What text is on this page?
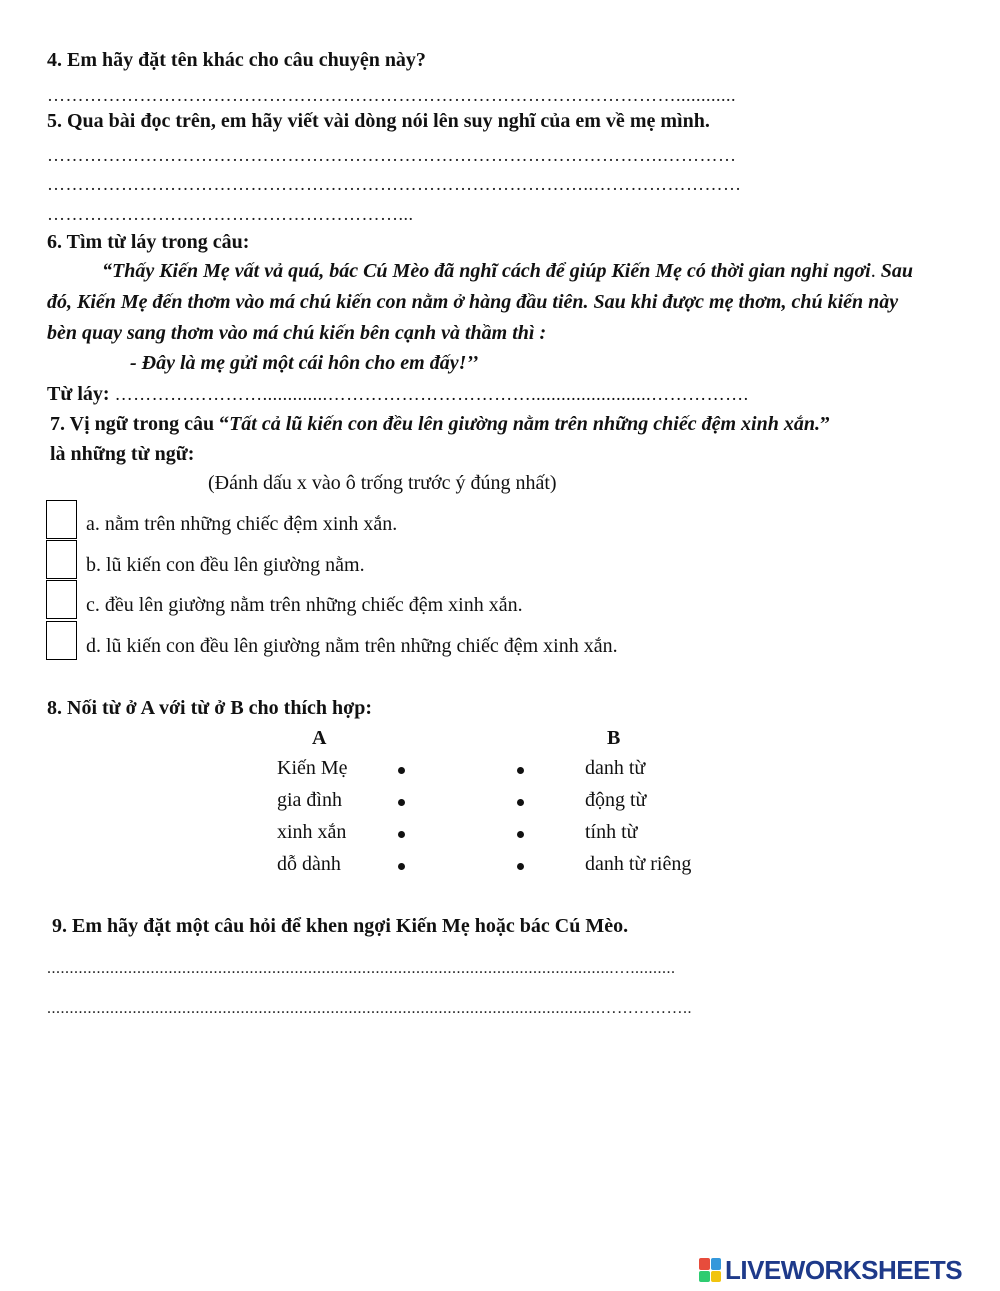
4. Em hãy đặt tên khác cho câu chuyện này?
…………………………………………………………………………………………............
5. Qua bài đọc trên, em hãy viết vài dòng nói lên suy nghĩ của em về mẹ mình.
……………………………………………………………………………………….…………
……………………………………………………………………………..……………………
…………………………………………………...
6. Tìm từ láy trong câu:
“Thấy Kiến Mẹ vất vả quá, bác Cú Mèo đã nghĩ cách để giúp Kiến Mẹ có thời gian nghỉ ngơi. Sau đó, Kiến Mẹ đến thơm vào má chú kiến con nằm ở hàng đầu tiên. Sau khi được mẹ thơm, chú kiến này bèn quay sang thơm vào má chú kiến bên cạnh và thầm thì :
- Đây là mẹ gửi một cái hôn cho em đấy!’’
Từ láy: …………………….............……………………………........................…………….
7. Vị ngữ trong câu “Tất cả lũ kiến con đều lên giường nằm trên những chiếc đệm xinh xắn.”
là những từ ngữ:
(Đánh dấu x vào ô trống trước ý đúng nhất)
a. nằm trên những chiếc đệm xinh xắn.
b. lũ kiến con đều lên giường nằm.
c. đều lên giường nằm trên những chiếc đệm xinh xắn.
d. lũ kiến con đều lên giường nằm trên những chiếc đệm xinh xắn.
8. Nối từ ở A với từ ở B cho thích hợp:
A	B
Kiến Mẹ	danh từ
gia đình	động từ
xinh xắn	tính từ
dỗ dành	danh từ riêng
9. Em hãy đặt một câu hỏi để khen ngợi Kiến Mẹ hoặc bác Cú Mèo.
..............................................................................................................................…..........
...........................................................................................................................……………..
LIVEWORKSHEETS
